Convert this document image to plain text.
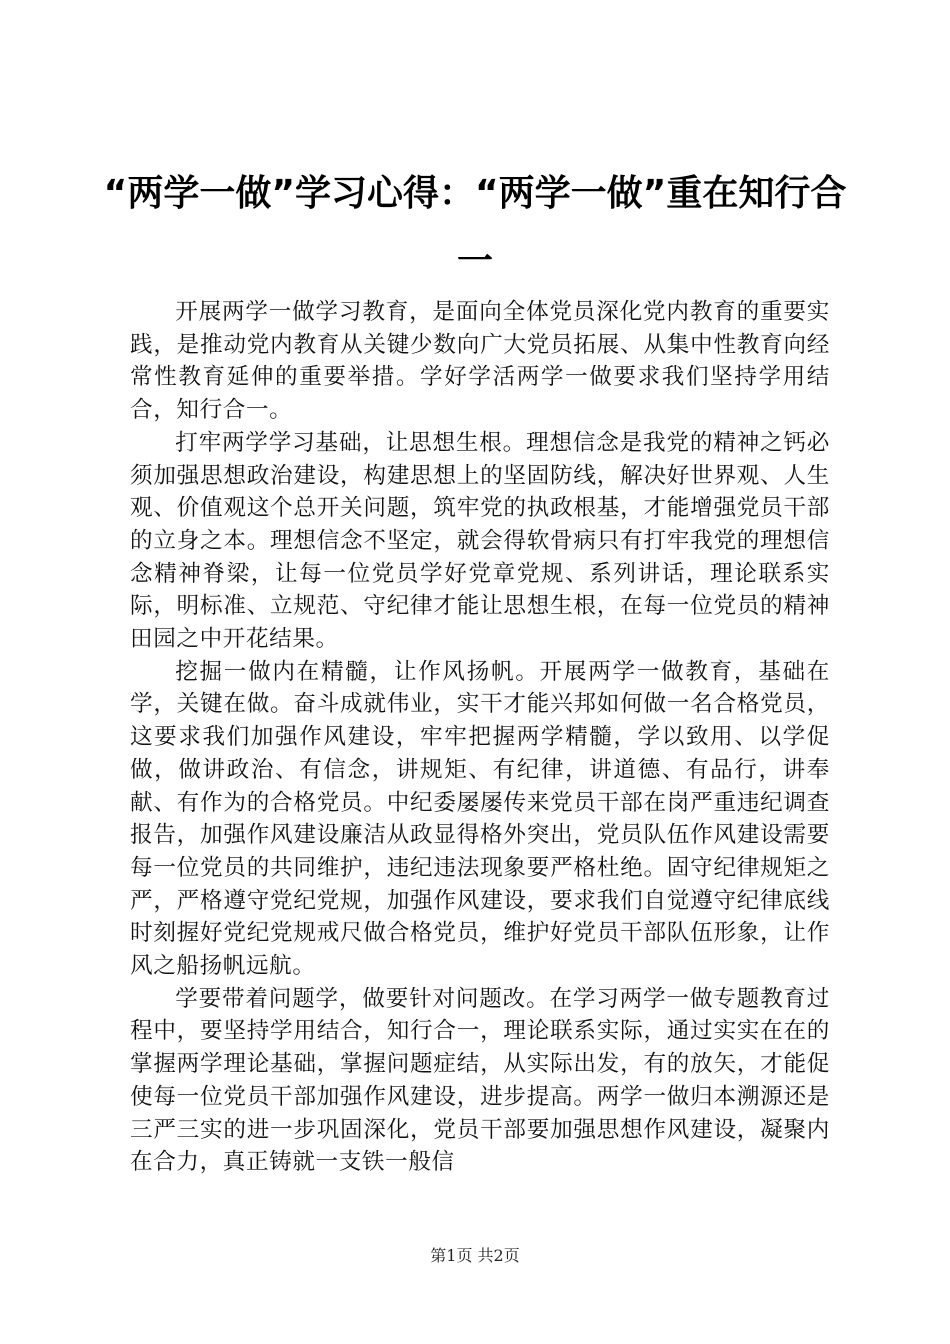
“两学一做”学习心得：“两学一做”重在知行合一

开展两学一做学习教育，是面向全体党员深化党内教育的重要实践，是推动党内教育从关键少数向广大党员拓展、从集中性教育向经常性教育延伸的重要举措。学好学活两学一做要求我们坚持学用结合，知行合一。

打牢两学学习基础，让思想生根。理想信念是我党的精神之钙必须加强思想政治建设，构建思想上的坚固防线，解决好世界观、人生观、价值观这个总开关问题，筑牢党的执政根基，才能增强党员干部的立身之本。理想信念不坚定，就会得软骨病只有打牢我党的理想信念精神脊梁，让每一位党员学好党章党规、系列讲话，理论联系实际，明标准、立规范、守纪律才能让思想生根，在每一位党员的精神田园之中开花结果。

挖掘一做内在精髓，让作风扬帆。开展两学一做教育，基础在学，关键在做。奋斗成就伟业，实干才能兴邦如何做一名合格党员，这要求我们加强作风建设，牢牢把握两学精髓，学以致用、以学促做，做讲政治、有信念，讲规矩、有纪律，讲道德、有品行，讲奉献、有作为的合格党员。中纪委屡屡传来党员干部在岗严重违纪调查报告，加强作风建设廉洁从政显得格外突出，党员队伍作风建设需要每一位党员的共同维护，违纪违法现象要严格杜绝。固守纪律规矩之严，严格遵守党纪党规，加强作风建设，要求我们自觉遵守纪律底线时刻握好党纪党规戒尺做合格党员，维护好党员干部队伍形象，让作风之船扬帆远航。

学要带着问题学，做要针对问题改。在学习两学一做专题教育过程中，要坚持学用结合，知行合一，理论联系实际，通过实实在在的掌握两学理论基础，掌握问题症结，从实际出发，有的放矢，才能促使每一位党员干部加强作风建设，进步提高。两学一做归本溯源还是三严三实的进一步巩固深化，党员干部要加强思想作风建设，凝聚内在合力，真正铸就一支铁一般信

第1页 共2页
